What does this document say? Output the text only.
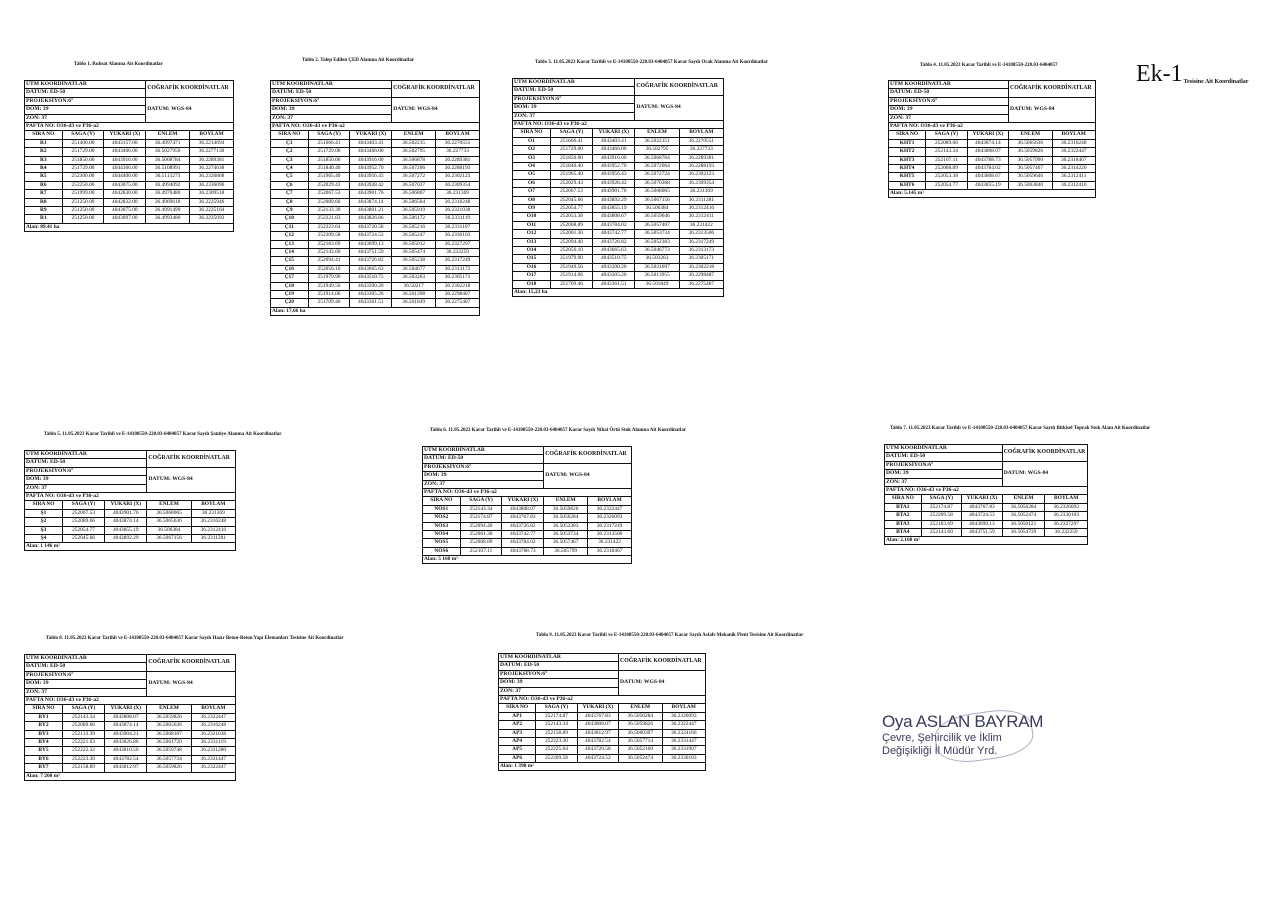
$Ek-1^{Tesisine Ait Koordinatlar}$
Tablo 1. Ruhsat Alanına Ait Koordinatlar
UTM KOORDİNATLAR			COĞRAFİK KOORDİNATLAR	
DATUM: ED-50				
PROJEKSİYON:6°			DATUM: WGS-84	
DOM: 39				
ZON: 37				
PAFTA NO: O36-d3 ve P36-a2				
SIRA NO	SAĞA (Y)	YUKARI (X)	ENLEM	BOYLAM
R1	251400.00	4043157.00	36.4997471	36.2214694
R2	251729.00	4043466.00	36.5027950	36.2277130
R3	251850.00	4043916.00	36.5068784	36.2289381
R4	251729.00	4044366.00	36.5108991	36.2274638
R5	252300.00	4044400.00	36.5113273	36.2326868
R6	252250.00	4043075.00	36.4994092	36.2336096
R7	251999.00	4042830.00	36.4970480	36.2309518
R8	251250.00	4042832.00	36.4969618	36.2225946
R9	251250.00	4043075.00	36.4991499	36.2225164
R1	251250.00	4043097.00	36.4993480	36.2225093
Alan: 89.41 ha				
Tablo 2. Talep Edilen ÇED Alanına Ait Koordinatlar
UTM KOORDİNATLAR			COĞRAFİK KOORDİNATLAR	
DATUM: ED-50				
PROJEKSİYON:6°			DATUM: WGS-84	
DOM: 39				
ZON: 37				
PAFTA NO: O36-d3 ve P36-a2				
SIRA NO	SAĞA (Y)	YUKARI (X)	ENLEM	BOYLAM
Ç1	251666.41	4043403.41	36.502215	36.2270551
Ç2	251729.00	4043466.00	36.502795	36.227733
Ç3	251850.00	4043916.00	36.506878	36.2289381
Ç4	251840.40	4043952.70	36.507206	36.2288193
Ç5	251965.40	4043956.43	36.507272	36.2302123
Ç6	252029.43	4043928.42	36.507037	36.2309354
Ç7	252067.53	4043901.76	36.506807	36.231369
Ç8	252089.66	4043874.14	36.506564	36.2316248
Ç9	252133.39	4043801.21	36.505919	36.2321038
Ç10	252221.63	4043826.86	36.506172	36.2331119
Ç11	252223.64	4043720.58	36.505216	36.2331107
Ç12	252209.58	4043724.53	36.505247	36.2330103
Ç13	252183.69	4043699.13	36.505012	36.2327297
Ç14	252143.60	4043751.59	36.505474	36.232259
Ç15	252094.41	4043726.82	36.505238	36.2317249
Ç16	252056.10	4043665.63	36.504677	36.2313173
Ç17	251979.90	4043510.75	36.503263	36.2305171
Ç18	251949.56	4043390.20	36.50217	36.2302218
Ç19	251914.06	4043305.26	36.501398	36.2298487
Ç20	251709.46	4043361.51	36.501849	36.2275487
Alan: 17,66 ha				
Tablo 3. 11.05.2023 Karar Tarihli ve E-14108550-220.03-6404057 Karar Sayılı Ocak Alanına Ait Koordinatlar
UTM KOORDİNATLAR			COĞRAFİK KOORDİNATLAR	
DATUM: ED-50				
PROJEKSİYON:6°			DATUM: WGS-84	
DOM: 39				
ZON: 37				
PAFTA NO: O36-d3 ve P36-a2				
SIRA NO	SAĞA (Y)	YUKARI (X)	ENLEM	BOYLAM
O1	251666.41	4043403.41	36.5022151	36.2270551
O2	251729.00	4043466.00	36.502795	36.227733
O3	251850.00	4043916.00	36.5068784	36.2289381
O4	251840.40	4043952.70	36.5072064	36.2288193
O5	251965.40	4043956.43	36.5072724	36.2302123
O6	252029.43	4043928.42	36.5070368	36.2309354
O7	252067.53	4043901.76	36.5068065	36.231369
O8	252045.66	4043892.29	36.5067156	36.2311281
O9	252054.77	4043855.19	36.506384	36.2312416
O10	252053.38	4043808.67	36.5059646	36.2312411
O11	252068.89	4043784.02	36.5057467	36.231422
O12	252061.30	4043742.77	36.5053734	36.2313506
O13	252094.40	4043726.82	36.5052383	36.2317249
O14	252056.10	4043665.63	36.5046773	36.2313173
O15	251979.90	4043510.75	36.503263	36.2305171
O16	251949.56	4043390.20	36.5021697	36.2302218
O17	251914.06	4043305.26	36.5013955	36.2298487
O18	251709.46	4043361.51	36.501849	36.2275487
Alan: 15,23 ha				
Tablo 4. 11.05.2023 Karar Tarihli ve E-14108550-220.03-6404057
UTM KOORDİNATLAR			COĞRAFİK KOORDİNATLAR	
DATUM: ED-50				
PROJEKSİYON:6°			DATUM: WGS-84	
DOM: 39				
ZON: 37				
PAFTA NO: O36-d3 ve P36-a2				
SIRA NO	SAĞA (Y)	YUKARI (X)	ENLEM	BOYLAM
KHT1	252089.66	4043874.14	36.5065636	36.2316248
KHT2	252143.34	4043808.07	36.5059826	36.2322447
KHT3	252107.11	4043788.73	36.5057990	36.2318467
KHT4	252068.89	4043784.02	36.5057467	36.2314220
KHT5	252053.38	4043808.67	36.5059646	36.2312411
KHT6	252054.77	4043855.19	36.5063840	36.2312416
Alan: 5.145 m²				
Tablo 5. 11.05.2023 Karar Tarihli ve E-14108550-220.03-6404057 Karar Sayılı Şantiye Alanına Ait Koordinatlar
UTM KOORDİNATLAR			COĞRAFİK KOORDİNATLAR	
DATUM: ED-50				
PROJEKSİYON:6°			DATUM: WGS-84	
DOM: 39				
ZON: 37				
PAFTA NO: O36-d3 ve P36-a2				
SIRA NO	SAĞA (Y)	YUKARI (X)	ENLEM	BOYLAM
Ş1	252067.53	4043901.76	36.5068065	36.231369
Ş2	252089.66	4043874.14	36.5065636	36.2316248
Ş3	252054.77	4043855.19	36.506384	36.2312416
Ş4	252045.66	4043892.29	36.5067156	36.2311281
Alan: 1 146 m²				
Tablo 6. 11.05.2023 Karar Tarihli ve E-14108550-220.03-6404057 Karar Sayılı Nihai Örtü Stok Alanına Ait Koordinatlar
UTM KOORDİNATLAR			COĞRAFİK KOORDİNATLAR	
DATUM: ED-50				
PROJEKSİYON:6°			DATUM: WGS-84	
DOM: 39				
ZON: 37				
PAFTA NO: O36-d3 ve P36-a2				
SIRA NO	SAĞA (Y)	YUKARI (X)	ENLEM	BOYLAM
NÖS1	252143.34	4043808.07	36.5059826	36.2322447
NÖS2	252174.87	4043767.83	36.5056284	36.2326093
NÖS3	252094.40	4043726.82	36.5052383	36.2317249
NÖS4	252061.30	4043742.77	36.5053734	36.2313506
NÖS5	252068.89	4043784.02	36.5057467	36.231422
NÖS6	252107.11	4043788.73	36.505799	36.2318467
Alan: 5 160 m²				
Tablo 7. 11.05.2023 Karar Tarihli ve E-14108550-220.03-6404057 Karar Sayılı Bitkisel Toprak Stok Alanı Ait Koordinatlar
UTM KOORDİNATLAR			COĞRAFİK KOORDİNATLAR	
DATUM: ED-50				
PROJEKSİYON:6°			DATUM: WGS-84	
DOM: 39				
ZON: 37				
PAFTA NO: O36-d3 ve P36-a2				
SIRA NO	SAĞA (Y)	YUKARI (X)	ENLEM	BOYLAM
BTA1	252174.87	4043767.83	36.5056284	36.2326093
BTA2	252209.58	4043724.53	36.5052474	36.2330103
BTA3	252183.69	4043699.13	36.5050121	36.2327297
BTA4	252143.60	4043751.59	36.5054739	36.232259
Alan: 2.168 m²				
Tablo 8. 11.05.2023 Karar Tarihli ve E-14108550-220.03-6404057 Karar Sayılı Hazır Beton-Beton Yapı Elemanları Tesisine Ait Koordinatlar
UTM KOORDİNATLAR			COĞRAFİK KOORDİNATLAR	
DATUM: ED-50				
PROJEKSİYON:6°			DATUM: WGS-84	
DOM: 39				
ZON: 37				
PAFTA NO: O36-d3 ve P36-a2				
SIRA NO	SAĞA (Y)	YUKARI (X)	ENLEM	BOYLAM
BY1	252143.34	4043808.07	36.5059826	36.2322447
BY2	252089.66	4043874.14	36.5065636	36.2316248
BY3	252133.39	4043904.21	36.5068187	36.2321038
BY4	252221.63	4043826.86	36.5061720	36.2331119
BY5	252222.32	4043810.50	36.5059748	36.2331280
BY6	252223.30	4043782.54	36.5057734	36.2331447
BY7	252158.89	4043812.97	36.5059826	36.2322447
Alan: 7 260 m²				
Tablo 9. 11.05.2023 Karar Tarihli ve E-14108550-220.03-6404057 Karar Sayılı Asfalt-Mekanik Plent Tesisine Ait Koordinatlar
UTM KOORDİNATLAR			COĞRAFİK KOORDİNATLAR	
DATUM: ED-50				
PROJEKSİYON:6°			DATUM: WGS-84	
DOM: 39				
ZON: 37				
PAFTA NO: O36-d3 ve P36-a2				
SIRA NO	SAĞA (Y)	YUKARI (X)	ENLEM	BOYLAM
AP1	252174.87	4043767.83	36.5056284	36.2326093
AP2	252143.34	4043808.07	36.5059826	36.2322447
AP3	252158.89	4043812.97	36.5060307	36.2324166
AP4	252223.30	4043782.54	36.5057714	36.2331447
AP5	252225.64	4043720.58	36.5052160	36.2331907
AP6	252209.58	4043724.52	36.5052474	36.2330103
Alan: 1 398 m²				
Oya ASLAN BAYRAM
Çevre, Şehircilik ve İklim
Değişikliği İl Müdür Yrd.
